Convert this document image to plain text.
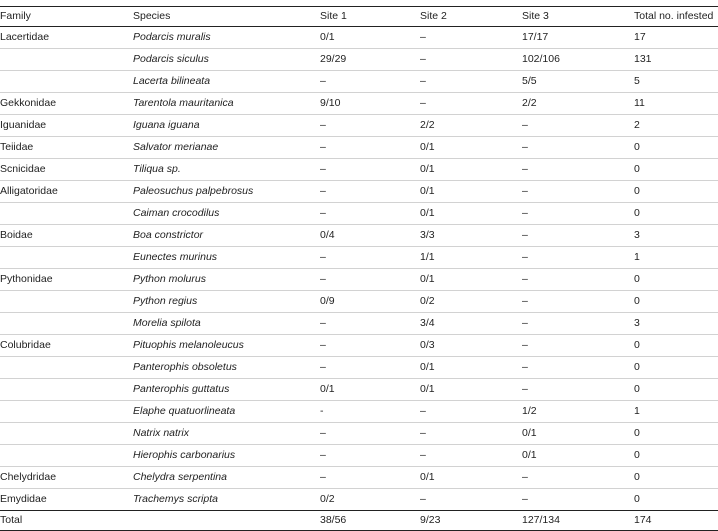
Family	Species	Site 1	Site 2	Site 3	Total no. infested
Lacertidae	Podarcis muralis	0/1	–	17/17	17
	Podarcis siculus	29/29	–	102/106	131
	Lacerta bilineata	–	–	5/5	5
Gekkonidae	Tarentola mauritanica	9/10	–	2/2	11
Iguanidae	Iguana iguana	–	2/2	–	2
Teiidae	Salvator merianae	–	0/1	–	0
Scnicidae	Tiliqua sp.	–	0/1	–	0
Alligatoridae	Paleosuchus palpebrosus	–	0/1	–	0
	Caiman crocodilus	–	0/1	–	0
Boidae	Boa constrictor	0/4	3/3	–	3
	Eunectes murinus	–	1/1	–	1
Pythonidae	Python molurus	–	0/1	–	0
	Python regius	0/9	0/2	–	0
	Morelia spilota	–	3/4	–	3
Colubridae	Pituophis melanoleucus	–	0/3	–	0
	Panterophis obsoletus	–	0/1	–	0
	Panterophis guttatus	0/1	0/1	–	0
	Elaphe quatuorlineata	-	–	1/2	1
	Natrix natrix	–	–	0/1	0
	Hierophis carbonarius	–	–	0/1	0
Chelydridae	Chelydra serpentina	–	0/1	–	0
Emydidae	Trachemys scripta	0/2	–	–	0
Total		38/56	9/23	127/134	174
